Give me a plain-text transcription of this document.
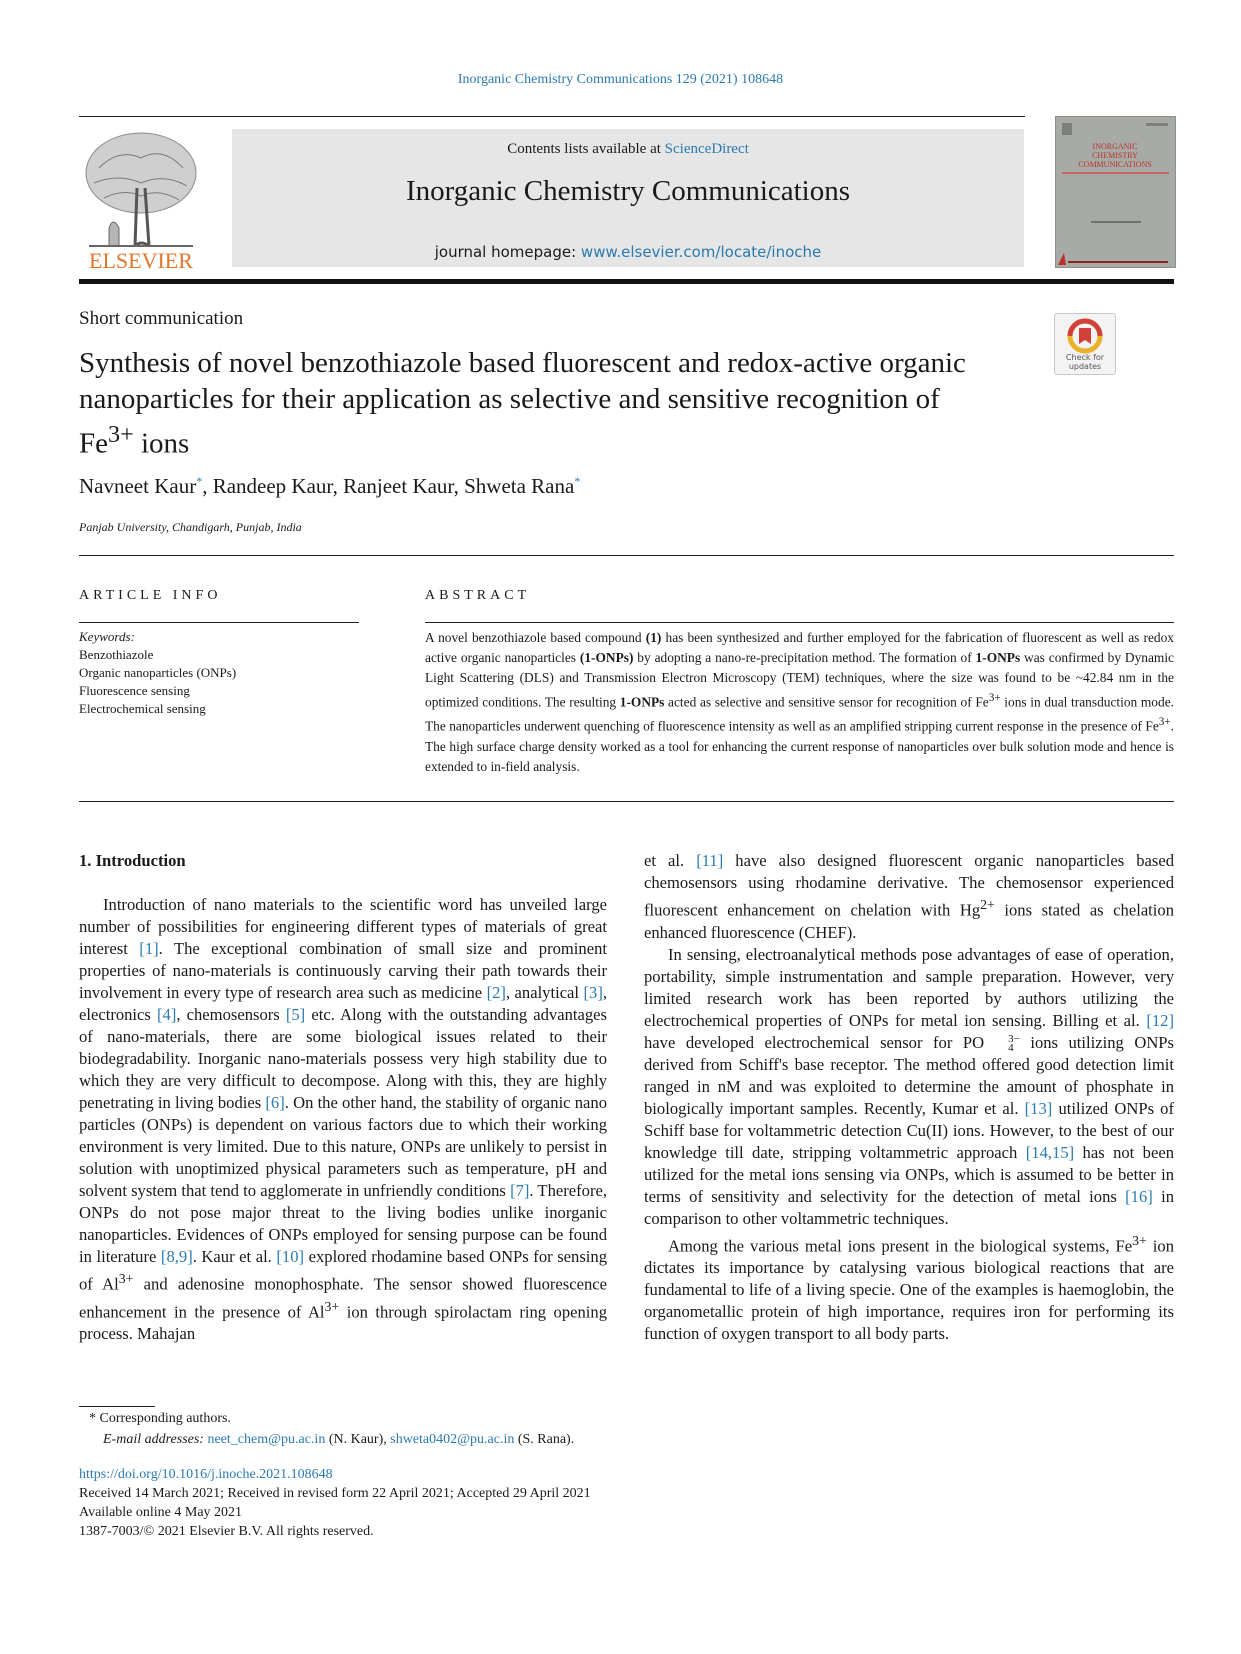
Inorganic Chemistry Communications 129 (2021) 108648
ELSEVIER
Contents lists available at ScienceDirect
Inorganic Chemistry Communications
journal homepage: www.elsevier.com/locate/inoche
INORGANIC
CHEMISTRY
COMMUNICATIONS
Short communication
Check for
updates
Synthesis of novel benzothiazole based fluorescent and redox-active organic nanoparticles for their application as selective and sensitive recognition of $Fe^{3+}$ ions
Navneet Kaur*, Randeep Kaur, Ranjeet Kaur, Shweta Rana*
Panjab University, Chandigarh, Punjab, India
ARTICLE INFO
Keywords:
Benzothiazole
Organic nanoparticles (ONPs)
Fluorescence sensing
Electrochemical sensing
ABSTRACT
A novel benzothiazole based compound (1) has been synthesized and further employed for the fabrication of fluorescent as well as redox active organic nanoparticles (1-ONPs) by adopting a nano-re-precipitation method. The formation of 1-ONPs was confirmed by Dynamic Light Scattering (DLS) and Transmission Electron Microscopy (TEM) techniques, where the size was found to be ~42.84 nm in the optimized conditions. The resulting 1-ONPs acted as selective and sensitive sensor for recognition of $Fe^{3+}$ ions in dual transduction mode. The nanoparticles underwent quenching of fluorescence intensity as well as an amplified stripping current response in the presence of $Fe^{3+}$. The high surface charge density worked as a tool for enhancing the current response of nanoparticles over bulk solution mode and hence is extended to in-field analysis.
1. Introduction

Introduction of nano materials to the scientific word has unveiled large number of possibilities for engineering different types of materials of great interest [1]. The exceptional combination of small size and prominent properties of nano-materials is continuously carving their path towards their involvement in every type of research area such as medicine [2], analytical [3], electronics [4], chemosensors [5] etc. Along with the outstanding advantages of nano-materials, there are some biological issues related to their biodegradability. Inorganic nano-materials possess very high stability due to which they are very difficult to decompose. Along with this, they are highly penetrating in living bodies [6]. On the other hand, the stability of organic nano particles (ONPs) is dependent on various factors due to which their working environment is very limited. Due to this nature, ONPs are unlikely to persist in solution with unoptimized physical parameters such as temperature, pH and solvent system that tend to agglomerate in unfriendly conditions [7]. Therefore, ONPs do not pose major threat to the living bodies unlike inorganic nanoparticles. Evidences of ONPs employed for sensing purpose can be found in literature [8,9]. Kaur et al. [10] explored rhodamine based ONPs for sensing of $Al^{3+}$ and adenosine monophosphate. The sensor showed fluorescence enhancement in the presence of $Al^{3+}$ ion through spirolactam ring opening process. Mahajan

et al. [11] have also designed fluorescent organic nanoparticles based chemosensors using rhodamine derivative. The chemosensor experienced fluorescent enhancement on chelation with $Hg^{2+}$ ions stated as chelation enhanced fluorescence (CHEF).

In sensing, electroanalytical methods pose advantages of ease of operation, portability, simple instrumentation and sample preparation. However, very limited research work has been reported by authors utilizing the electrochemical properties of ONPs for metal ion sensing. Billing et al. [12] have developed electrochemical sensor for PO	3−
4 ions utilizing ONPs derived from Schiff's base receptor. The method offered good detection limit ranged in nM and was exploited to determine the amount of phosphate in biologically important samples. Recently, Kumar et al. [13] utilized ONPs of Schiff base for voltammetric detection Cu(II) ions. However, to the best of our knowledge till date, stripping voltammetric approach [14,15] has not been utilized for the metal ions sensing via ONPs, which is assumed to be better in terms of sensitivity and selectivity for the detection of metal ions [16] in comparison to other voltammetric techniques.

Among the various metal ions present in the biological systems, $Fe^{3+}$ ion dictates its importance by catalysing various biological reactions that are fundamental to life of a living specie. One of the examples is haemoglobin, the organometallic protein of high importance, requires iron for performing its function of oxygen transport to all body parts.

* Corresponding authors.
E-mail addresses: neet_chem@pu.ac.in (N. Kaur), shweta0402@pu.ac.in (S. Rana).
https://doi.org/10.1016/j.inoche.2021.108648
Received 14 March 2021; Received in revised form 22 April 2021; Accepted 29 April 2021
Available online 4 May 2021
1387-7003/© 2021 Elsevier B.V. All rights reserved.
